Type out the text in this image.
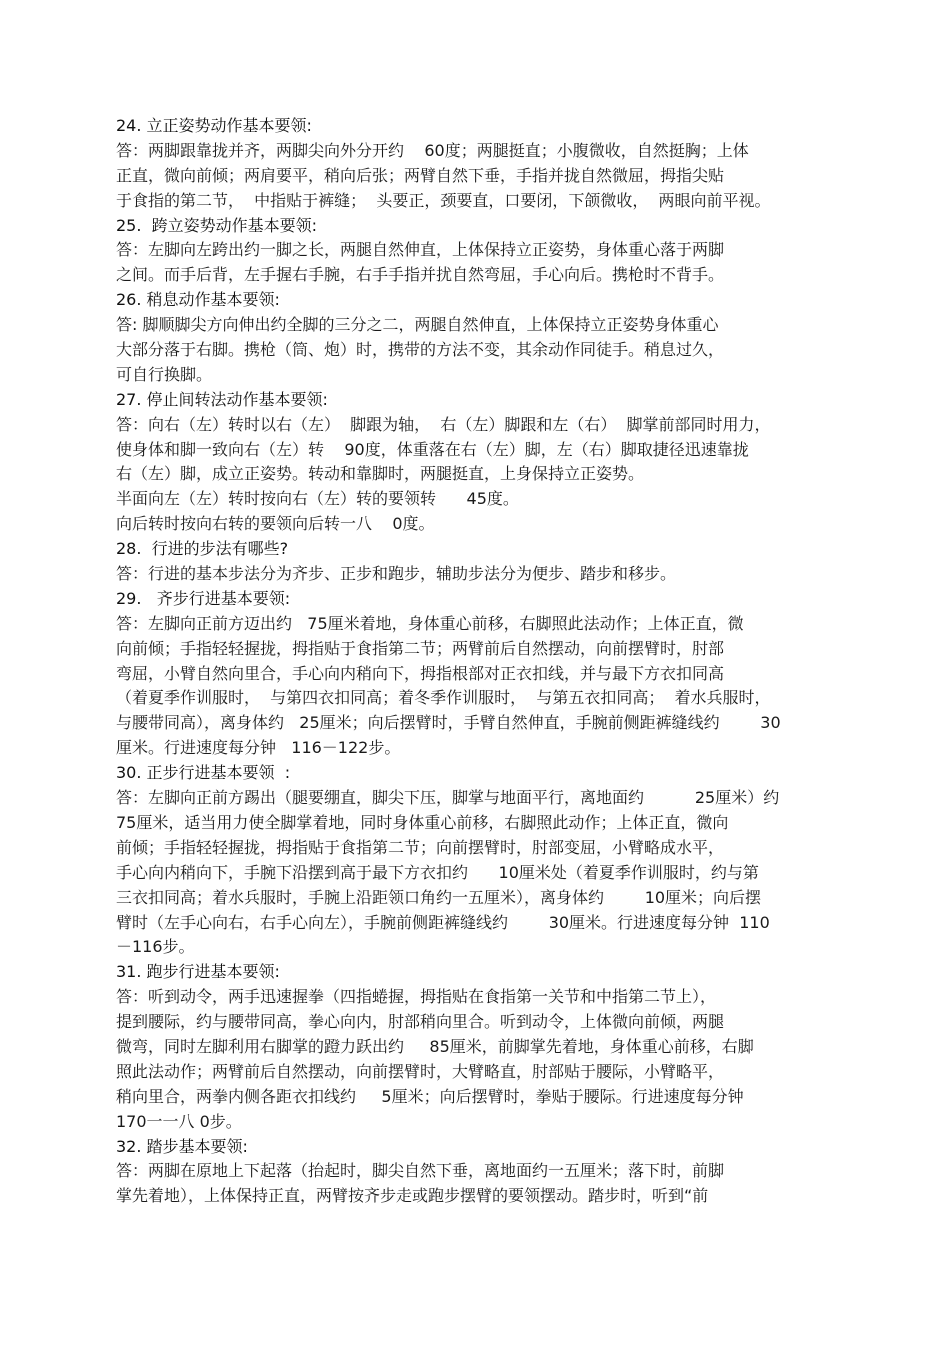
24. 立正姿势动作基本要领:
答：两脚跟靠拢并齐，两脚尖向外分开约    60度；两腿挺直；小腹微收，自然挺胸；上体
正直，微向前倾；两肩要平，稍向后张；两臂自然下垂，手指并拢自然微屈，拇指尖贴
于食指的第二节，  中指贴于裤缝；  头要正，颈要直，口要闭，下颌微收，  两眼向前平视。
25.  跨立姿势动作基本要领:
答：左脚向左跨出约一脚之长，两腿自然伸直，上体保持立正姿势，身体重心落于两脚
之间。而手后背，左手握右手腕，右手手指并扰自然弯屈，手心向后。携枪时不背手。
26. 稍息动作基本要领:
答: 脚顺脚尖方向伸出约全脚的三分之二，两腿自然伸直，上体保持立正姿势身体重心
大部分落于右脚。携枪（筒、炮）时，携带的方法不变，其余动作同徒手。稍息过久，
可自行换脚。
27. 停止间转法动作基本要领:
答：向右（左）转时以右（左）  脚跟为轴，  右（左）脚跟和左（右）  脚掌前部同时用力，
使身体和脚一致向右（左）转    90度，体重落在右（左）脚，左（右）脚取捷径迅速靠拢
右（左）脚，成立正姿势。转动和靠脚时，两腿挺直，上身保持立正姿势。
半面向左（左）转时按向右（左）转的要领转      45度。
向后转时按向右转的要领向后转一八    0度。
28.  行进的步法有哪些?
答：行进的基本步法分为齐步、正步和跑步，辅助步法分为便步、踏步和移步。
29.   齐步行进基本要领:
答：左脚向正前方迈出约   75厘米着地，身体重心前移，右脚照此法动作；上体正直，微
向前倾；手指轻轻握拢，拇指贴于食指第二节；两臂前后自然摆动，向前摆臂时，肘部
弯屈，小臂自然向里合，手心向内稍向下，拇指根部对正衣扣线，并与最下方衣扣同高
（着夏季作训服时，  与第四衣扣同高；着冬季作训服时，  与第五衣扣同高；  着水兵服时，
与腰带同高），离身体约   25厘米；向后摆臂时，手臂自然伸直，手腕前侧距裤缝线约        30
厘米。行进速度每分钟   116－122步。
30. 正步行进基本要领  :
答：左脚向正前方踢出（腿要绷直，脚尖下压，脚掌与地面平行，离地面约          25厘米）约
75厘米，适当用力使全脚掌着地，同时身体重心前移，右脚照此动作；上体正直，微向
前倾；手指轻轻握拢，拇指贴于食指第二节；向前摆臂时，肘部变屈，小臂略成水平，
手心向内稍向下，手腕下沿摆到高于最下方衣扣约      10厘米处（着夏季作训服时，约与第
三衣扣同高；着水兵服时，手腕上沿距领口角约一五厘米），离身体约        10厘米；向后摆
臂时（左手心向右，右手心向左），手腕前侧距裤缝线约        30厘米。行进速度每分钟  110
－116步。
31. 跑步行进基本要领:
答：听到动令，两手迅速握拳（四指蜷握，拇指贴在食指第一关节和中指第二节上），
提到腰际，约与腰带同高，拳心向内，肘部稍向里合。听到动令，上体微向前倾，两腿
微弯，同时左脚利用右脚掌的蹬力跃出约     85厘米，前脚掌先着地，身体重心前移，右脚
照此法动作；两臂前后自然摆动，向前摆臂时，大臂略直，肘部贴于腰际，小臂略平，
稍向里合，两拳内侧各距衣扣线约     5厘米；向后摆臂时，拳贴于腰际。行进速度每分钟
170一一八 0步。
32. 踏步基本要领:
答：两脚在原地上下起落（抬起时，脚尖自然下垂，离地面约一五厘米；落下时，前脚
掌先着地），上体保持正直，两臂按齐步走或跑步摆臂的要领摆动。踏步时，听到“前
